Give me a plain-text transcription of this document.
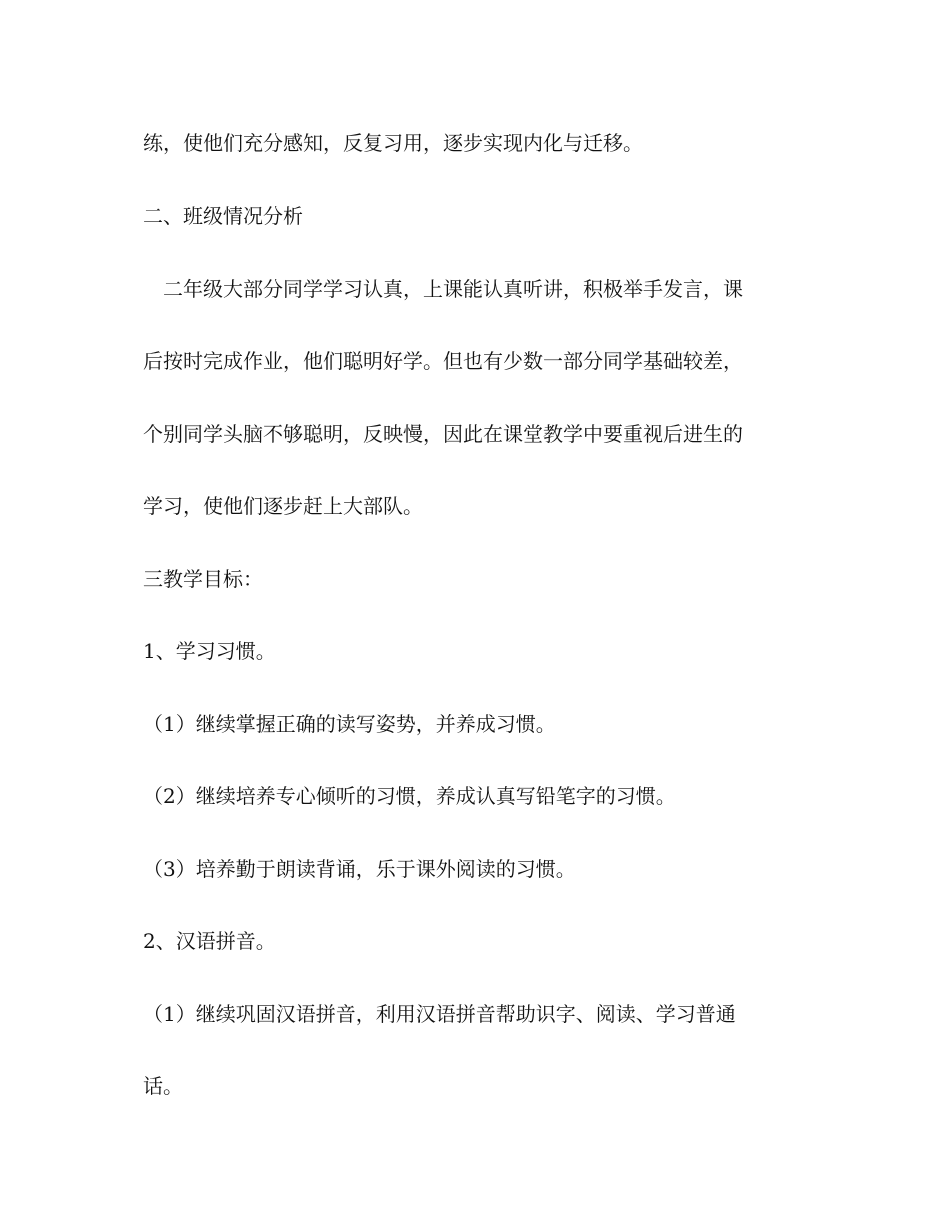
练，使他们充分感知，反复习用，逐步实现内化与迁移。
二、班级情况分析
　二年级大部分同学学习认真，上课能认真听讲，积极举手发言，课
后按时完成作业，他们聪明好学。但也有少数一部分同学基础较差，
个别同学头脑不够聪明，反映慢，因此在课堂教学中要重视后进生的
学习，使他们逐步赶上大部队。
三教学目标：
1、学习习惯。
（1）继续掌握正确的读写姿势，并养成习惯。
（2）继续培养专心倾听的习惯，养成认真写铅笔字的习惯。
（3）培养勤于朗读背诵，乐于课外阅读的习惯。
2、汉语拼音。
（1）继续巩固汉语拼音，利用汉语拼音帮助识字、阅读、学习普通
话。
